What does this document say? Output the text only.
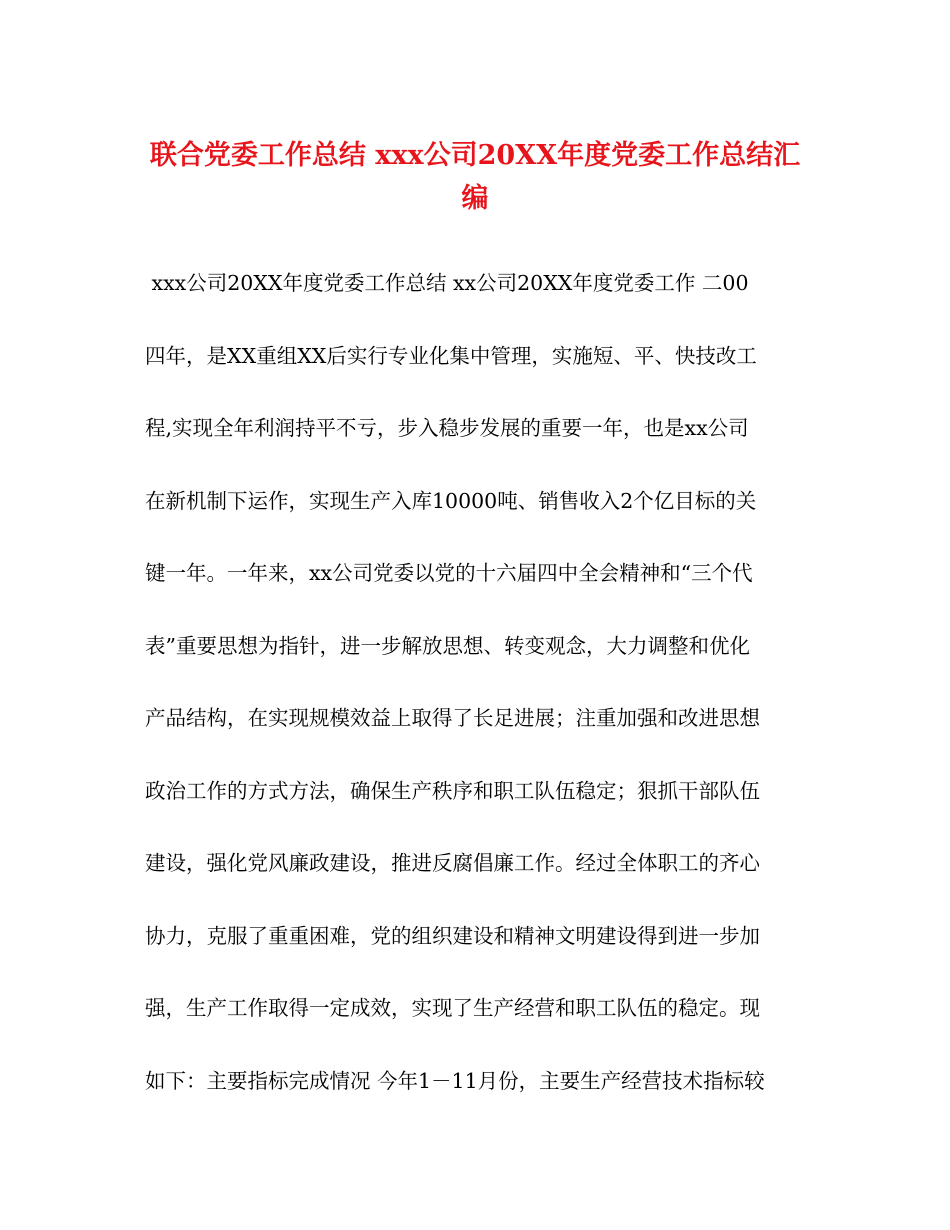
联合党委工作总结 xxx公司20XX年度党委工作总结汇
编

xxx公司20XX年度党委工作总结 xx公司20XX年度党委工作 二00

四年，是XX重组XX后实行专业化集中管理，实施短、平、快技改工

程,实现全年利润持平不亏，步入稳步发展的重要一年，也是xx公司

在新机制下运作，实现生产入库10000吨、销售收入2个亿目标的关

键一年。一年来，xx公司党委以党的十六届四中全会精神和“三个代

表”重要思想为指针，进一步解放思想、转变观念，大力调整和优化

产品结构，在实现规模效益上取得了长足进展；注重加强和改进思想

政治工作的方式方法，确保生产秩序和职工队伍稳定；狠抓干部队伍

建设，强化党风廉政建设，推进反腐倡廉工作。经过全体职工的齐心

协力，克服了重重困难，党的组织建设和精神文明建设得到进一步加

强，生产工作取得一定成效，实现了生产经营和职工队伍的稳定。现

如下：主要指标完成情况 今年1－11月份，主要生产经营技术指标较
